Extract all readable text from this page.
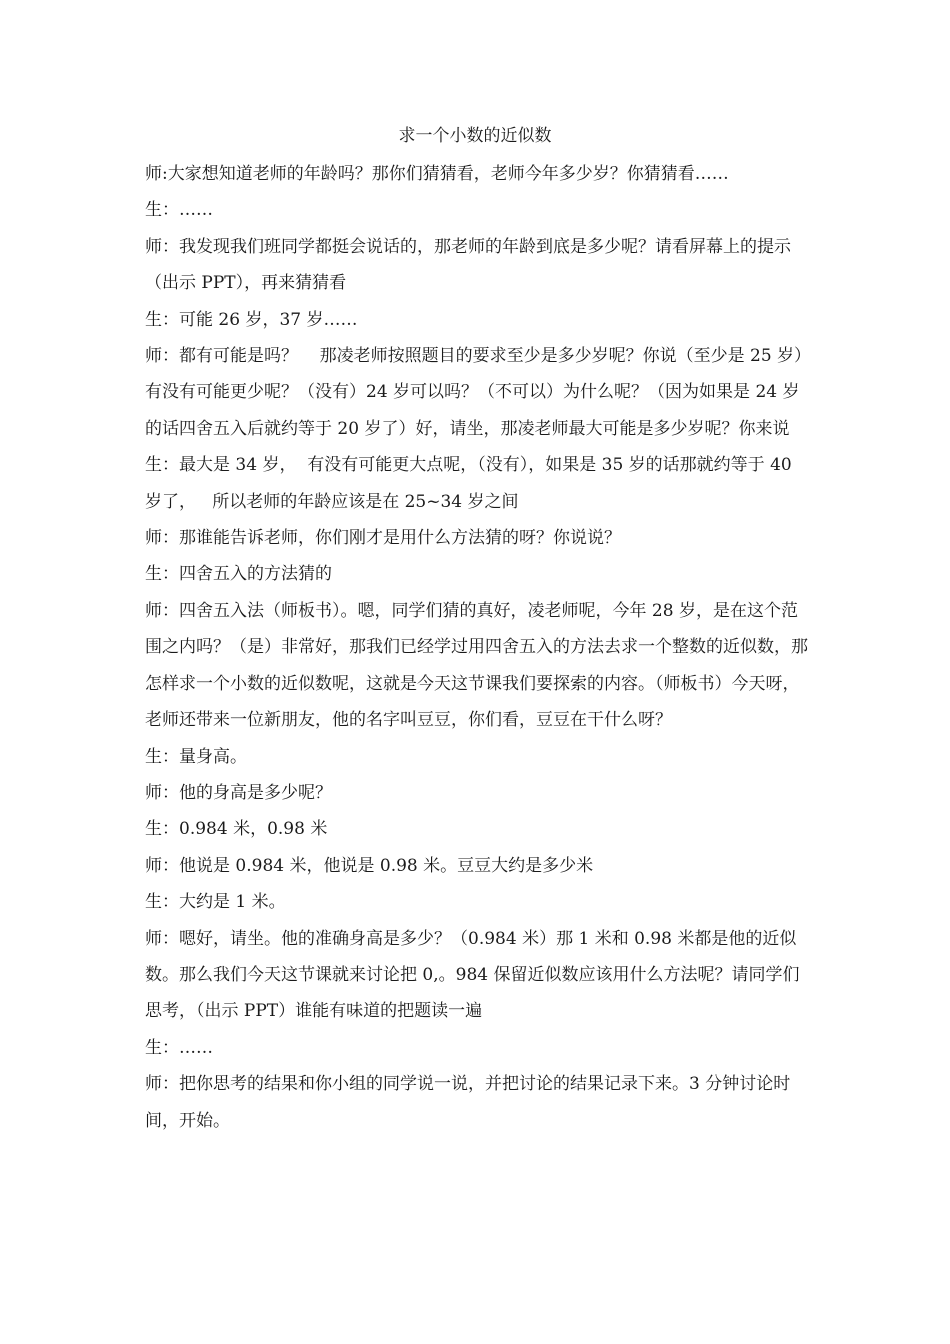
求一个小数的近似数

师:大家想知道老师的年龄吗？那你们猜猜看，老师今年多少岁？你猜猜看……

生：……

师：我发现我们班同学都挺会说话的，那老师的年龄到底是多少呢？请看屏幕上的提示（出示 PPT），再来猜猜看

生：可能 26 岁，37 岁……

师：都有可能是吗？    那凌老师按照题目的要求至少是多少岁呢？你说（至少是 25 岁）有没有可能更少呢？（没有）24 岁可以吗？（不可以）为什么呢？（因为如果是 24 岁的话四舍五入后就约等于 20 岁了）好，请坐，那凌老师最大可能是多少岁呢？你来说

生：最大是 34 岁，  有没有可能更大点呢，（没有），如果是 35 岁的话那就约等于 40 岁了，   所以老师的年龄应该是在 25~34 岁之间

师：那谁能告诉老师，你们刚才是用什么方法猜的呀？你说说？

生：四舍五入的方法猜的

师：四舍五入法（师板书）。嗯，同学们猜的真好，凌老师呢，今年 28 岁，是在这个范围之内吗？（是）非常好，那我们已经学过用四舍五入的方法去求一个整数的近似数，那怎样求一个小数的近似数呢，这就是今天这节课我们要探索的内容。（师板书）今天呀，老师还带来一位新朋友，他的名字叫豆豆，你们看，豆豆在干什么呀？

生：量身高。

师：他的身高是多少呢？

生：0.984 米，0.98 米

师：他说是 0.984 米，他说是 0.98 米。豆豆大约是多少米

生：大约是 1 米。

师：嗯好，请坐。他的准确身高是多少？（0.984 米）那 1 米和 0.98 米都是他的近似数。那么我们今天这节课就来讨论把 0,。984 保留近似数应该用什么方法呢？请同学们思考，（出示 PPT）谁能有味道的把题读一遍

生：……

师：把你思考的结果和你小组的同学说一说，并把讨论的结果记录下来。3 分钟讨论时间，开始。
